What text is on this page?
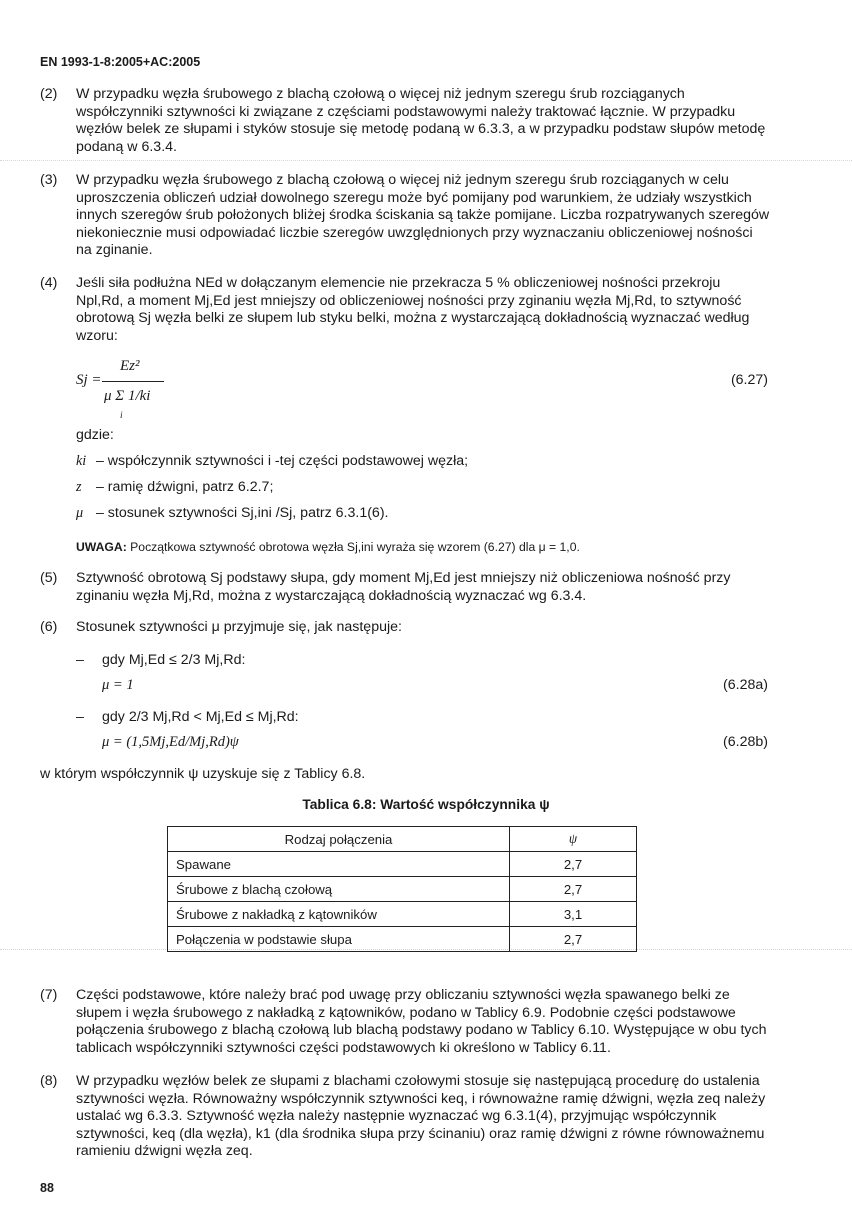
EN 1993-1-8:2005+AC:2005
(2) W przypadku węzła śrubowego z blachą czołową o więcej niż jednym szeregu śrub rozciąganych współczynniki sztywności ki związane z częściami podstawowymi należy traktować łącznie. W przypadku węzłów belek ze słupami i styków stosuje się metodę podaną w 6.3.3, a w przypadku podstaw słupów metodę podaną w 6.3.4.
(3) W przypadku węzła śrubowego z blachą czołową o więcej niż jednym szeregu śrub rozciąganych w celu uproszczenia obliczeń udział dowolnego szeregu może być pomijany pod warunkiem, że udziały wszystkich innych szeregów śrub położonych bliżej środka ściskania są także pomijane. Liczba rozpatrywanych szeregów niekoniecznie musi odpowiadać liczbie szeregów uwzględnionych przy wyznaczaniu obliczeniowej nośności na zginanie.
(4) Jeśli siła podłużna NEd w dołączanym elemencie nie przekracza 5 % obliczeniowej nośności przekroju Npl,Rd, a moment Mj,Ed jest mniejszy od obliczeniowej nośności przy zginaniu węzła Mj,Rd, to sztywność obrotową Sj węzła belki ze słupem lub styku belki, można z wystarczającą dokładnością wyznaczać według wzoru:
Sj =
Ez²
μ Σ 1/ki
i
(6.27)
gdzie:
ki – współczynnik sztywności i -tej części podstawowej węzła;
z – ramię dźwigni, patrz 6.2.7;
μ – stosunek sztywności Sj,ini /Sj, patrz 6.3.1(6).
UWAGA: Początkowa sztywność obrotowa węzła Sj,ini wyraża się wzorem (6.27) dla μ = 1,0.
(5) Sztywność obrotową Sj podstawy słupa, gdy moment Mj,Ed jest mniejszy niż obliczeniowa nośność przy zginaniu węzła Mj,Rd, można z wystarczającą dokładnością wyznaczać wg 6.3.4.
(6) Stosunek sztywności μ przyjmuje się, jak następuje:
– gdy Mj,Ed ≤ 2/3 Mj,Rd:
μ = 1	(6.28a)
– gdy 2/3 Mj,Rd < Mj,Ed ≤ Mj,Rd:
μ = (1,5Mj,Ed/Mj,Rd)ψ	(6.28b)
w którym współczynnik ψ uzyskuje się z Tablicy 6.8.
Tablica 6.8: Wartość współczynnika ψ
Rodzaj połączenia	ψ
Spawane	2,7
Śrubowe z blachą czołową	2,7
Śrubowe z nakładką z kątowników	3,1
Połączenia w podstawie słupa	2,7
(7) Części podstawowe, które należy brać pod uwagę przy obliczaniu sztywności węzła spawanego belki ze słupem i węzła śrubowego z nakładką z kątowników, podano w Tablicy 6.9. Podobnie części podstawowe połączenia śrubowego z blachą czołową lub blachą podstawy podano w Tablicy 6.10. Występujące w obu tych tablicach współczynniki sztywności części podstawowych ki określono w Tablicy 6.11.
(8) W przypadku węzłów belek ze słupami z blachami czołowymi stosuje się następującą procedurę do ustalenia sztywności węzła. Równoważny współczynnik sztywności keq, i równoważne ramię dźwigni, węzła zeq należy ustalać wg 6.3.3. Sztywność węzła należy następnie wyznaczać wg 6.3.1(4), przyjmując współczynnik sztywności, keq (dla węzła), k1 (dla środnika słupa przy ścinaniu) oraz ramię dźwigni z równe równoważnemu ramieniu dźwigni węzła zeq.
88
